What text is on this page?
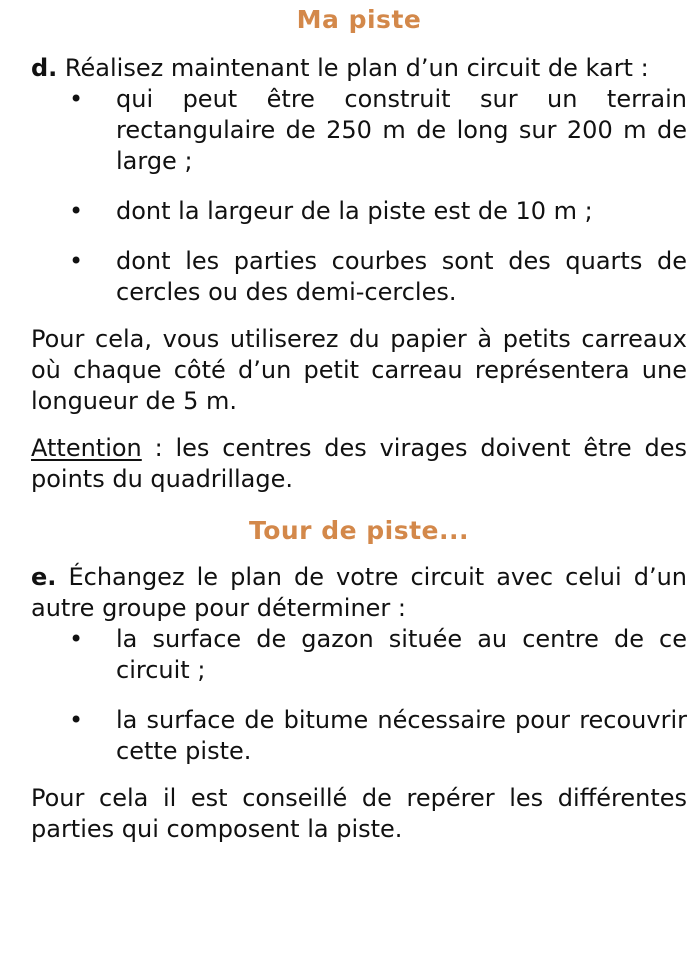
Ma piste

d. Réalisez maintenant le plan d’un circuit de kart :

• qui peut être construit sur un terrain rectangulaire de 250 m de long sur 200 m de large ;
• dont la largeur de la piste est de 10 m ;
• dont les parties courbes sont des quarts de cercles ou des demi-cercles.

Pour cela, vous utiliserez du papier à petits carreaux où chaque côté d’un petit carreau représentera une longueur de 5 m.

Attention : les centres des virages doivent être des points du quadrillage.

Tour de piste...

e. Échangez le plan de votre circuit avec celui d’un autre groupe pour déterminer :

• la surface de gazon située au centre de ce circuit ;
• la surface de bitume nécessaire pour recouvrir cette piste.

Pour cela il est conseillé de repérer les différentes parties qui composent la piste.
